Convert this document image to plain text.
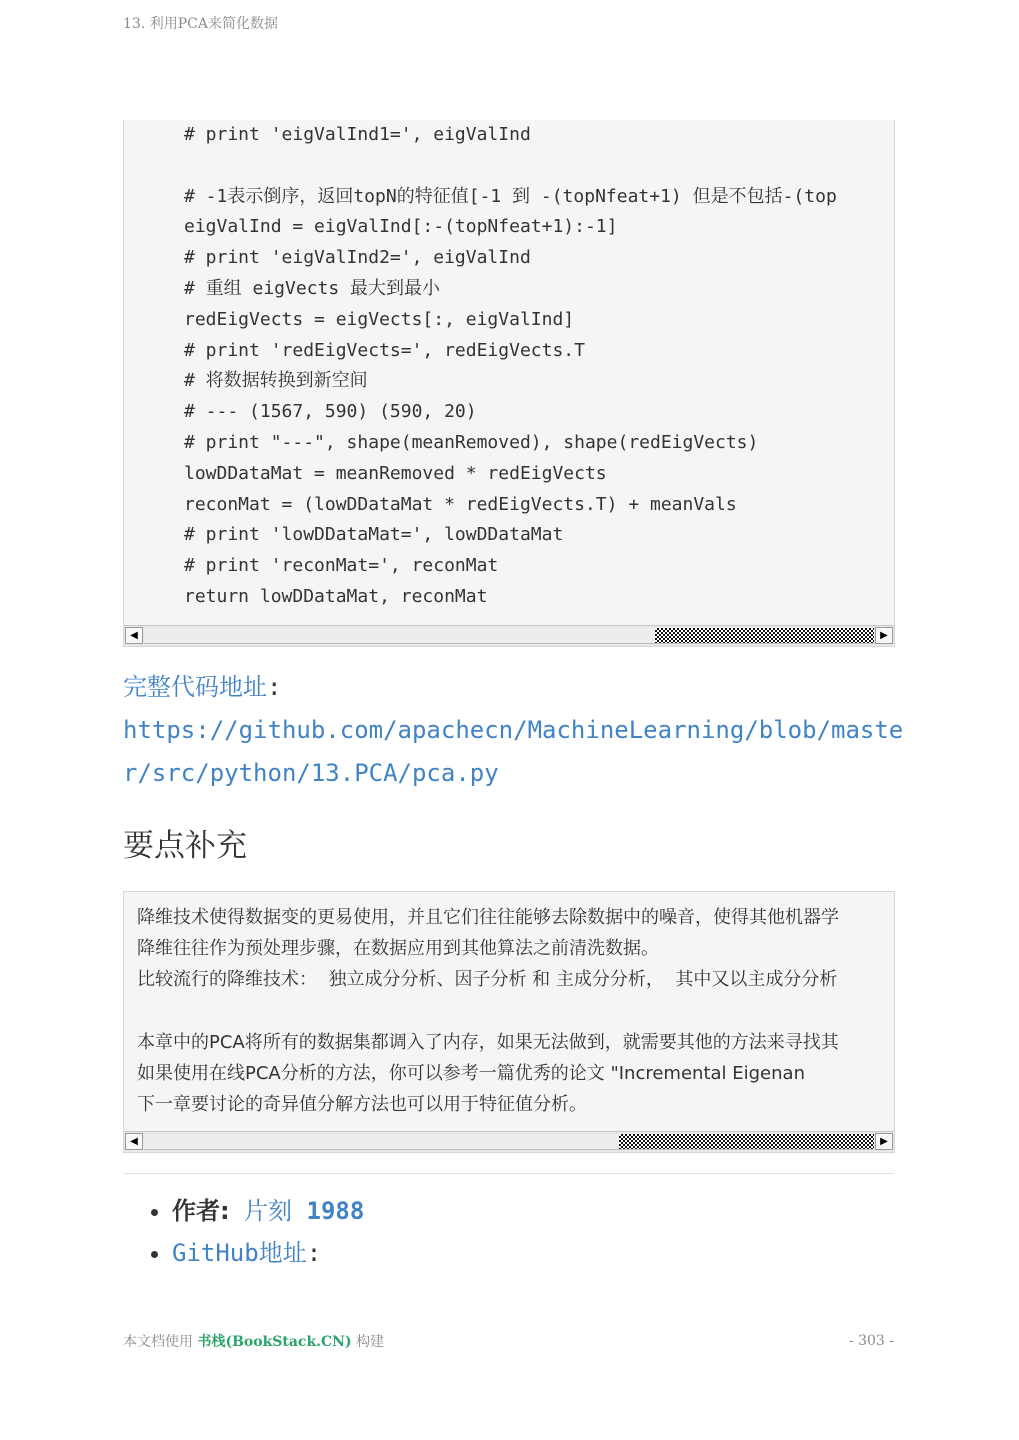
13. 利用PCA来简化数据
# print 'eigValInd1=', eigValInd

# -1表示倒序，返回topN的特征值[-1 到 -(topNfeat+1) 但是不包括-(top
eigValInd = eigValInd[:-(topNfeat+1):-1]
# print 'eigValInd2=', eigValInd
# 重组 eigVects 最大到最小
redEigVects = eigVects[:, eigValInd]
# print 'redEigVects=', redEigVects.T
# 将数据转换到新空间
# --- (1567, 590) (590, 20)
# print "---", shape(meanRemoved), shape(redEigVects)
lowDDataMat = meanRemoved * redEigVects
reconMat = (lowDDataMat * redEigVects.T) + meanVals
# print 'lowDDataMat=', lowDDataMat
# print 'reconMat=', reconMat
return lowDDataMat, reconMat
◀	▶
完整代码地址:
https://github.com/apachecn/MachineLearning/blob/master/src/python/13.PCA/pca.py
要点补充
降维技术使得数据变的更易使用，并且它们往往能够去除数据中的噪音，使得其他机器学
降维往往作为预处理步骤，在数据应用到其他算法之前清洗数据。
比较流行的降维技术：  独立成分分析、因子分析 和 主成分分析，  其中又以主成分分析

本章中的PCA将所有的数据集都调入了内存，如果无法做到，就需要其他的方法来寻找其
如果使用在线PCA分析的方法，你可以参考一篇优秀的论文 "Incremental Eigenan
下一章要讨论的奇异值分解方法也可以用于特征值分析。
◀	▶
• 作者: 片刻 1988
• GitHub地址:
本文档使用 书栈(BookStack.CN) 构建	- 303 -
